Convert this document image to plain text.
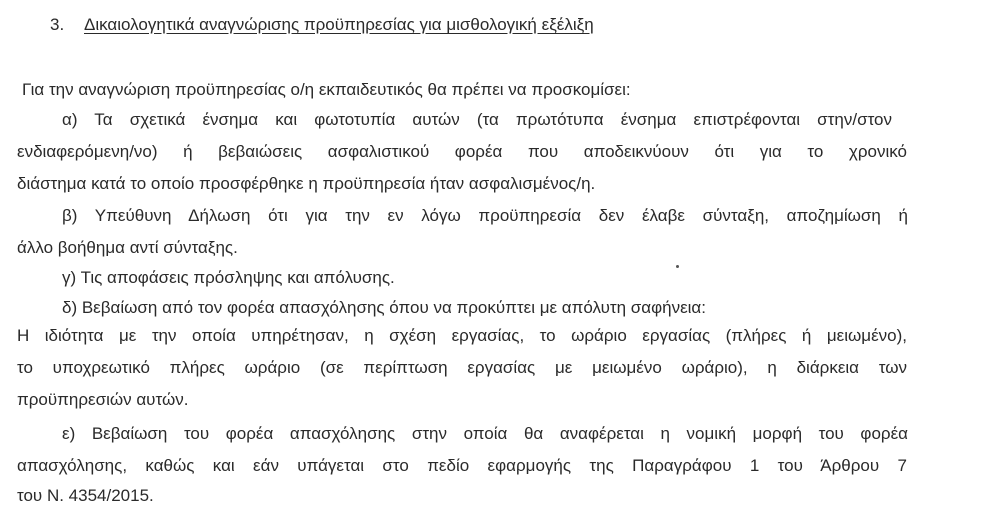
3. Δικαιολογητικά αναγνώρισης προϋπηρεσίας για μισθολογική εξέλιξη
Για την αναγνώριση προϋπηρεσίας ο/η εκπαιδευτικός θα πρέπει να προσκομίσει:
α) Τα σχετικά ένσημα και φωτοτυπία αυτών (τα πρωτότυπα ένσημα επιστρέφονται στην/στον
ενδιαφερόμενη/νο) ή βεβαιώσεις ασφαλιστικού φορέα που αποδεικνύουν ότι για το χρονικό
διάστημα κατά το οποίο προσφέρθηκε η προϋπηρεσία ήταν ασφαλισμένος/η.
β) Υπεύθυνη Δήλωση ότι για την εν λόγω προϋπηρεσία δεν έλαβε σύνταξη, αποζημίωση ή
άλλο βοήθημα αντί σύνταξης.
γ) Τις αποφάσεις πρόσληψης και απόλυσης.
δ) Βεβαίωση από τον φορέα απασχόλησης όπου να προκύπτει με απόλυτη σαφήνεια:
Η ιδιότητα με την οποία υπηρέτησαν, η σχέση εργασίας, το ωράριο εργασίας (πλήρες ή μειωμένο),
το υποχρεωτικό πλήρες ωράριο (σε περίπτωση εργασίας με μειωμένο ωράριο), η διάρκεια των
προϋπηρεσιών αυτών.
ε) Βεβαίωση του φορέα απασχόλησης στην οποία θα αναφέρεται η νομική μορφή του φορέα
απασχόλησης, καθώς και εάν υπάγεται στο πεδίο εφαρμογής της Παραγράφου 1 του Άρθρου 7
του Ν. 4354/2015.
